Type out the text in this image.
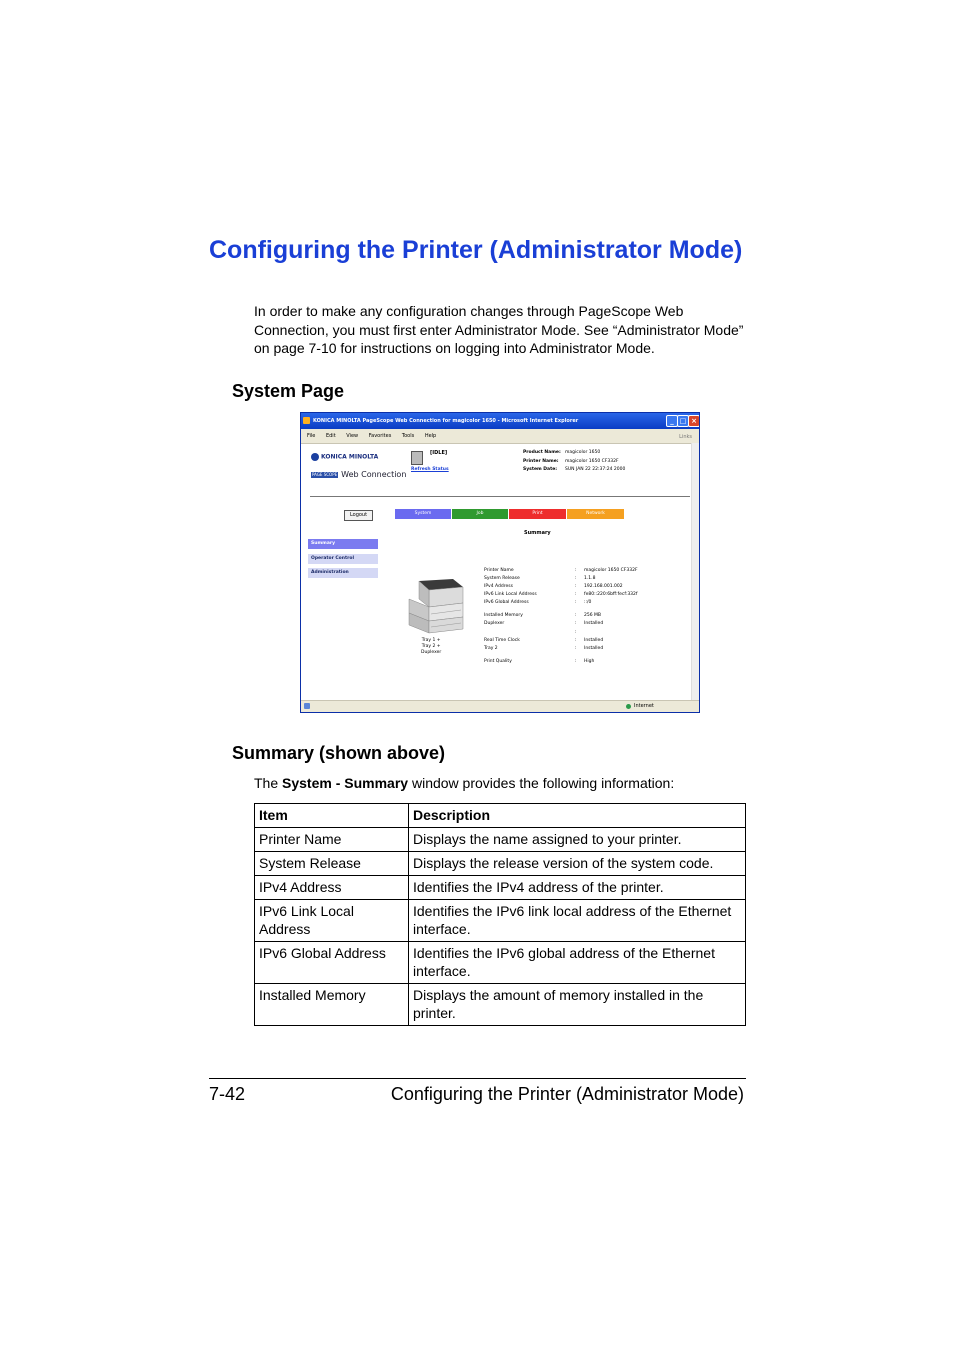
Configuring the Printer (Administrator Mode)
In order to make any configuration changes through PageScope Web Connection, you must first enter Administrator Mode. See “Administrator Mode” on page 7-10 for instructions on logging into Administrator Mode.
System Page
KONICA MINOLTA PageScope Web Connection for magicolor 1650 - Microsoft Internet Explorer	_ □ ×
File Edit View Favorites Tools Help	Links
KONICA MINOLTA
PAGE SCOPE Web Connection
[IDLE]
Refresh Status
Product Name: magicolor 1650
Printer Name: magicolor 1650 CF332F
System Date: SUN JAN 22 22:37:24 2000
Logout	System	Job	Print	Network
Summary
Operator Control
Administration
Summary
Tray 1 +
Tray 2 +
Duplexer
Printer Name	: magicolor 1650 CF332F
System Release	: 1.1.8
IPv4 Address	: 192.168.001.002
IPv6 Link Local Address	: fe80::220:6bff:fecf:332f
IPv6 Global Address	: ::/0
Installed Memory	: 256 MB
Duplexer	: Installed
:
Real Time Clock	: Installed
Tray 2	: Installed
Print Quality	: High
Internet
Summary (shown above)
The System - Summary window provides the following information:
Item	Description
Printer Name	Displays the name assigned to your printer.
System Release	Displays the release version of the system code.
IPv4 Address	Identifies the IPv4 address of the printer.
IPv6 Link Local Address	Identifies the IPv6 link local address of the Ethernet interface.
IPv6 Global Address	Identifies the IPv6 global address of the Ethernet interface.
Installed Memory	Displays the amount of memory installed in the printer.
7-42	Configuring the Printer (Administrator Mode)
